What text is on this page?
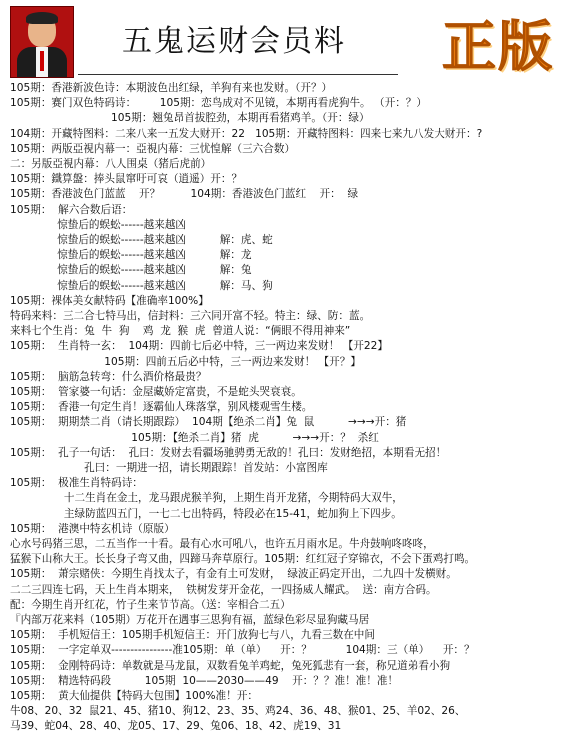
五鬼运财会员料 正版
105期：香港新波色诗：本期波色出红绿，羊狗有来也发财。（开？）
105期：赛门双色特码诗：       105期：恋鸟成对不见镜，本期再看虎狗牛。 （开：？）
105期：翘兔昂首拔腔劲，本期再看猪鸡羊。（开：绿）
104期：开藏特图料：二来八来一五发大财开：22   105期：开藏特图料：四来七来九八发大财开：?
105期：两版亞視内幕一：亞視内幕：三忧惶解（三六合数）
二：另版亞視内幕：八人围桌（猪后虎前）
105期：鐵算盤：捧头鼠窜吁可哀（逍遥）开：？
105期：香港波色门蓝蓝    开？         104期：香港波色门蓝红    开：  绿
105期：  解六合数后语：
惊蛰后的蜈蚣------越来越凶
惊蛰后的蜈蚣------越来越凶          解：虎、蛇
惊蛰后的蜈蚣------越来越凶          解：龙
惊蛰后的蜈蚣------越来越凶          解：兔
惊蛰后的蜈蚣------越来越凶          解：马、狗
105期：裸体美女献特码【准确率100%】
特码来料：三二合七特马出，信封料：三六同开富不轻。特主：绿、防：蓝。
来料七个生肖：兔  牛  狗    鸡  龙  猴  虎  曾道人说：“俩眼不得用神来”
105期：  生肖特一玄：  104期：四前七后必中特，三一两边来发财！ 【开22】
105期：四前五后必中特，三一两边来发财！ 【开？】
105期：  脑筋急转弯：什么酒价格最贵？
105期：  管家婆一句话：金屋藏娇定富贵，不是蛇头哭衰衰。
105期：  香港一句定生肖！逐霸仙人珠落掌，别风楼观雪生楼。
105期：  期期禁二肖（请长期跟踪）  104期【绝杀二肖】兔  鼠          →→→开：猪
105期：【绝杀二肖】猪  虎          →→→开：？  杀红
105期：  孔子一句话：  孔曰：发财去看疆场驰骋勇无敌的！孔曰：发财绝招，本期看无招！
孔曰：一期进一招，请长期跟踪！首发站：小富图库
105期：  极准生肖特码诗：
十二生肖在金土，龙马跟虎猴羊狗，上期生肖开龙猪，今期特码大双牛，
主绿防蓝四五门，一七二七出特码，特段必在15-41，蛇加狗上下四步。
105期：  港澳中特玄机诗（原版）
心水号码猪三思，二五当作一十看。最有心水可吼八，也许五月雨水足。牛舟鼓响咚咚咚，
猛猴下山称大王。长长身子弯又曲，四蹄马奔草原行。105期：红红冠子穿锦衣，不会下蛋鸡打鸣。
105期：  萧宗赌侠：今期生肖找太子，有金有土可发财，  绿波正码定开出，二九四十发横财。
二二三四连七码，天上生肖本期来，  铁树发芽开金花，一四扬威人耀武。  送：南方合码。
配：今期生肖开红花，竹子生来节节高。（送：宰相合二五）
『内部万花来料（105期）万花开在遇事三思狗有福，蓝绿色彩尽显狗藏马居
105期：  手机短信王：105期手机短信王：开门放狗七与八，九看三数在中间
105期：  一字定单双----------------准105期：单（单）    开：？          104期：三（单）    开：？
105期：  金刚特码诗：单数就是马龙鼠，双数看兔羊鸡蛇，兔死狐悲有一套，称兄道弟看小狗
105期：  精选特码段          105期  10——2030——49    开：？？准！准！准！
105期：  黄大仙提供【特码大包围】100%准！开：
牛08、20、32  鼠21、45、猪10、狗12、23、35、鸡24、36、48、猴01、25、羊02、26、
马39、蛇04、28、40、龙05、17、29、兔06、18、42、虎19、31
